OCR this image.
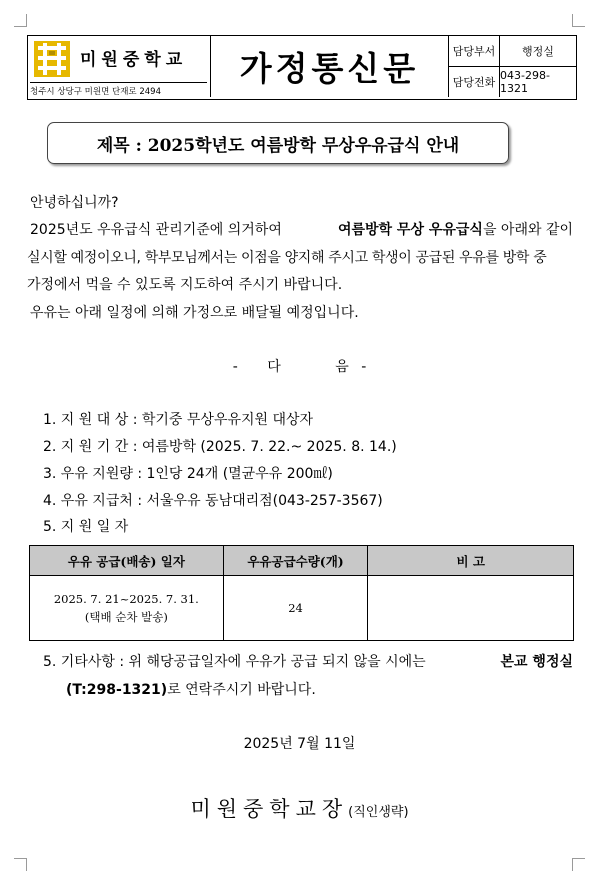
미원중학교
청주시 상당구 미원면 단재로 2494
가정통신문	담당부서	행정실
담당전화
043-298-1321
제목 : 2025학년도 여름방학 무상우유급식 안내
안녕하십니까?
2025년도 우유급식 관리기준에 의거하여	여름방학 무상 우유급식을 아래와 같이
실시할 예정이오니, 학부모님께서는 이점을 양지해 주시고 학생이 공급된 우유를 방학 중
가정에서 먹을 수 있도록 지도하여 주시기 바랍니다.
우유는 아래 일정에 의해 가정으로 배달될 예정입니다.
- 다	음 -
1. 지 원 대 상 : 학기중 무상우유지원 대상자
2. 지 원 기 간 : 여름방학 (2025. 7. 22.~ 2025. 8. 14.)
3. 우유 지원량 : 1인당 24개 (멸균우유 200㎖)
4. 우유 지급처 : 서울우유 동남대리점(043-257-3567)
5. 지 원 일 자
우유 공급(배송) 일자	우유공급수량(개)	비 고

2025. 7. 21~2025. 7. 31.
(택배 순차 발송)	24	
5. 기타사항 : 위 해당공급일자에 우유가 공급 되지 않을 시에는	본교 행정실
(T:298-1321)로 연락주시기 바랍니다.
2025년 7월 11일
미원중학교장(직인생략)
